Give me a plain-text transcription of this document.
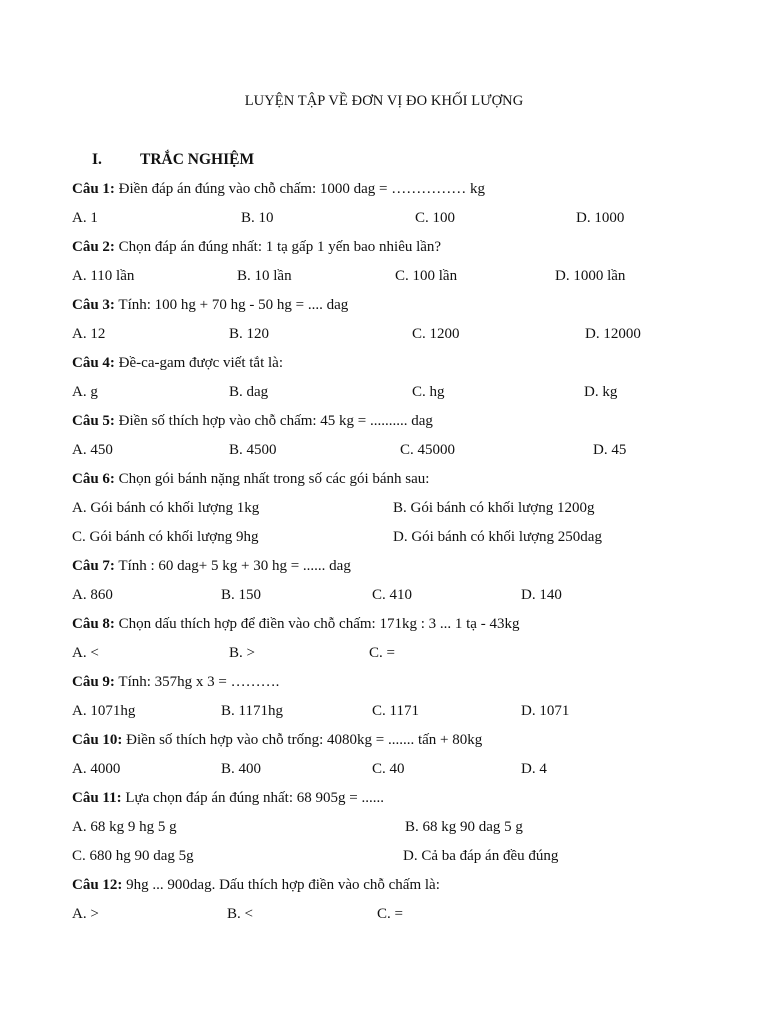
LUYỆN TẬP VỀ ĐƠN VỊ ĐO KHỐI LƯỢNG
I. TRẮC NGHIỆM
Câu 1: Điền đáp án đúng vào chỗ chấm: 1000 dag = …………… kg
A. 1	B. 10	C. 100	D. 1000
Câu 2: Chọn đáp án đúng nhất: 1 tạ gấp 1 yến bao nhiêu lần?
A. 110 lần	B. 10 lần	C. 100 lần	D. 1000 lần
Câu 3: Tính: 100 hg + 70 hg - 50 hg = .... dag
A. 12	B. 120	C. 1200	D. 12000
Câu 4: Đề-ca-gam được viết tắt là:
A. g	B. dag	C. hg	D. kg
Câu 5: Điền số thích hợp vào chỗ chấm: 45 kg = .......... dag
A. 450	B. 4500	C. 45000	D. 45
Câu 6: Chọn gói bánh nặng nhất trong số các gói bánh sau:
A. Gói bánh có khối lượng 1kg	B. Gói bánh có khối lượng 1200g
C. Gói bánh có khối lượng 9hg	D. Gói bánh có khối lượng 250dag
Câu 7: Tính : 60 dag+ 5 kg + 30 hg = ...... dag
A. 860	B. 150	C. 410	D. 140
Câu 8: Chọn dấu thích hợp để điền vào chỗ chấm: 171kg : 3 ... 1 tạ - 43kg
A. <	B. >	C. =
Câu 9: Tính: 357hg x 3 = ……….
A. 1071hg	B. 1171hg	C. 1171	D. 1071
Câu 10: Điền số thích hợp vào chỗ trống: 4080kg = ....... tấn + 80kg
A. 4000	B. 400	C. 40	D. 4
Câu 11: Lựa chọn đáp án đúng nhất: 68 905g = ......
A. 68 kg 9 hg 5 g	B. 68 kg 90 dag 5 g
C. 680 hg 90 dag 5g	D. Cả ba đáp án đều đúng
Câu 12: 9hg ... 900dag. Dấu thích hợp điền vào chỗ chấm là:
A. >	B. <	C. =
